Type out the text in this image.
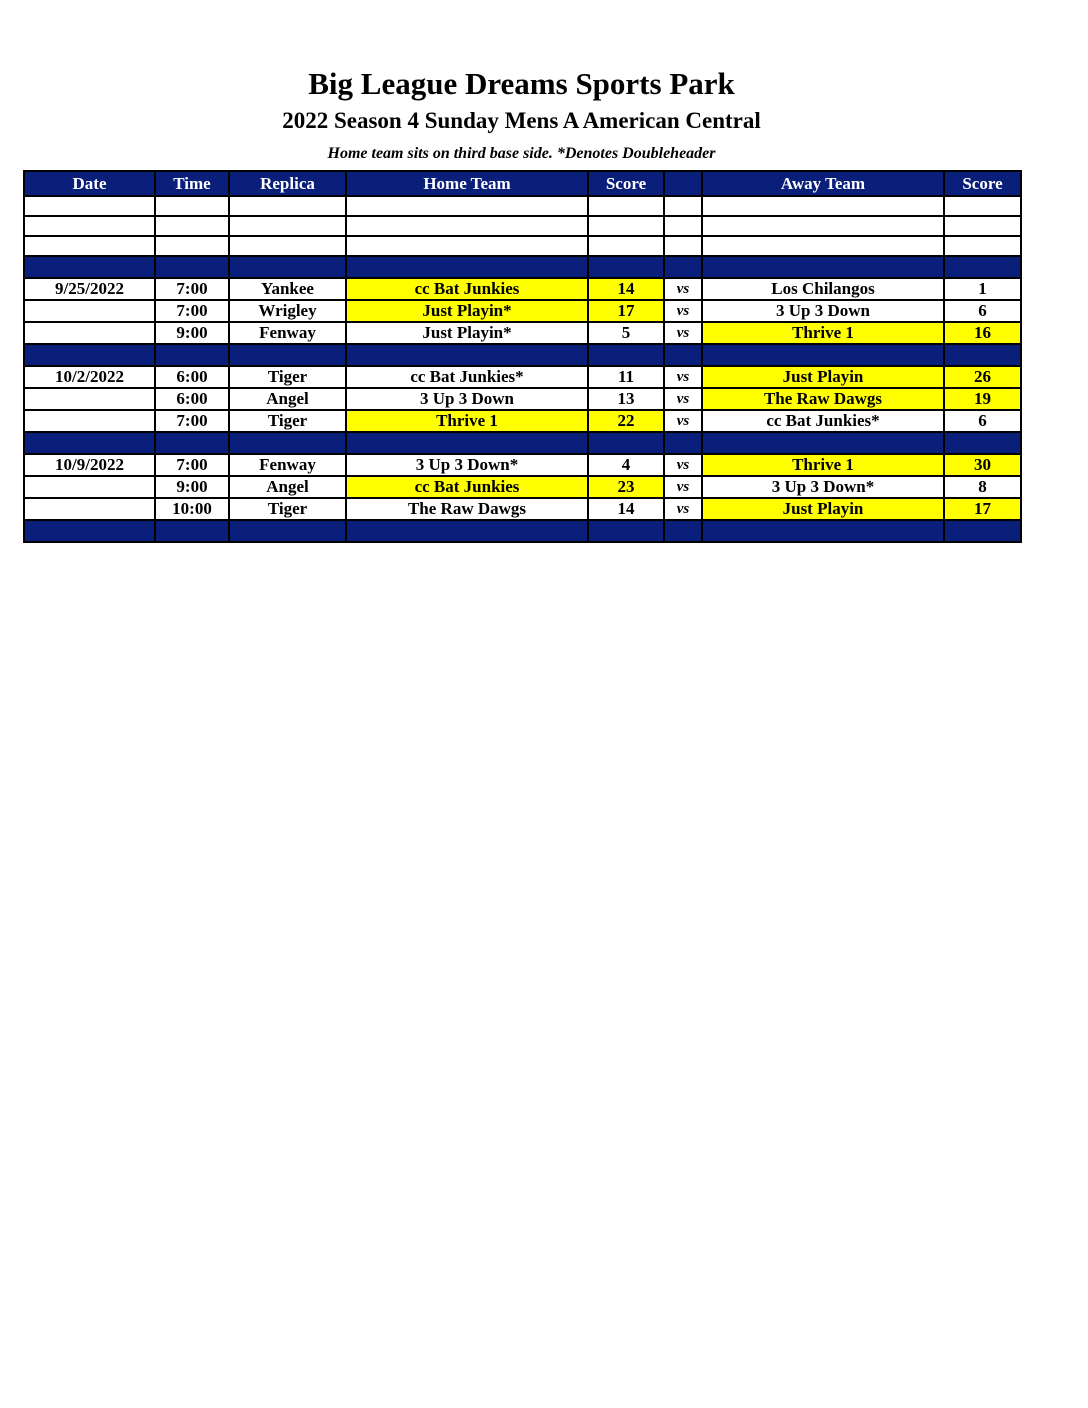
Big League Dreams Sports Park
2022 Season 4 Sunday Mens A American Central
Home team sits on third base side. *Denotes Doubleheader
Date	Time	Replica	Home Team	Score		Away Team	Score

9/25/2022	7:00	Yankee	cc Bat Junkies	14	vs	Los Chilangos	1
	7:00	Wrigley	Just Playin*	17	vs	3 Up 3 Down	6
	9:00	Fenway	Just Playin*	5	vs	Thrive 1	16

10/2/2022	6:00	Tiger	cc Bat Junkies*	11	vs	Just Playin	26
	6:00	Angel	3 Up 3 Down	13	vs	The Raw Dawgs	19
	7:00	Tiger	Thrive 1	22	vs	cc Bat Junkies*	6

10/9/2022	7:00	Fenway	3 Up 3 Down*	4	vs	Thrive 1	30
	9:00	Angel	cc Bat Junkies	23	vs	3 Up 3 Down*	8
	10:00	Tiger	The Raw Dawgs	14	vs	Just Playin	17
